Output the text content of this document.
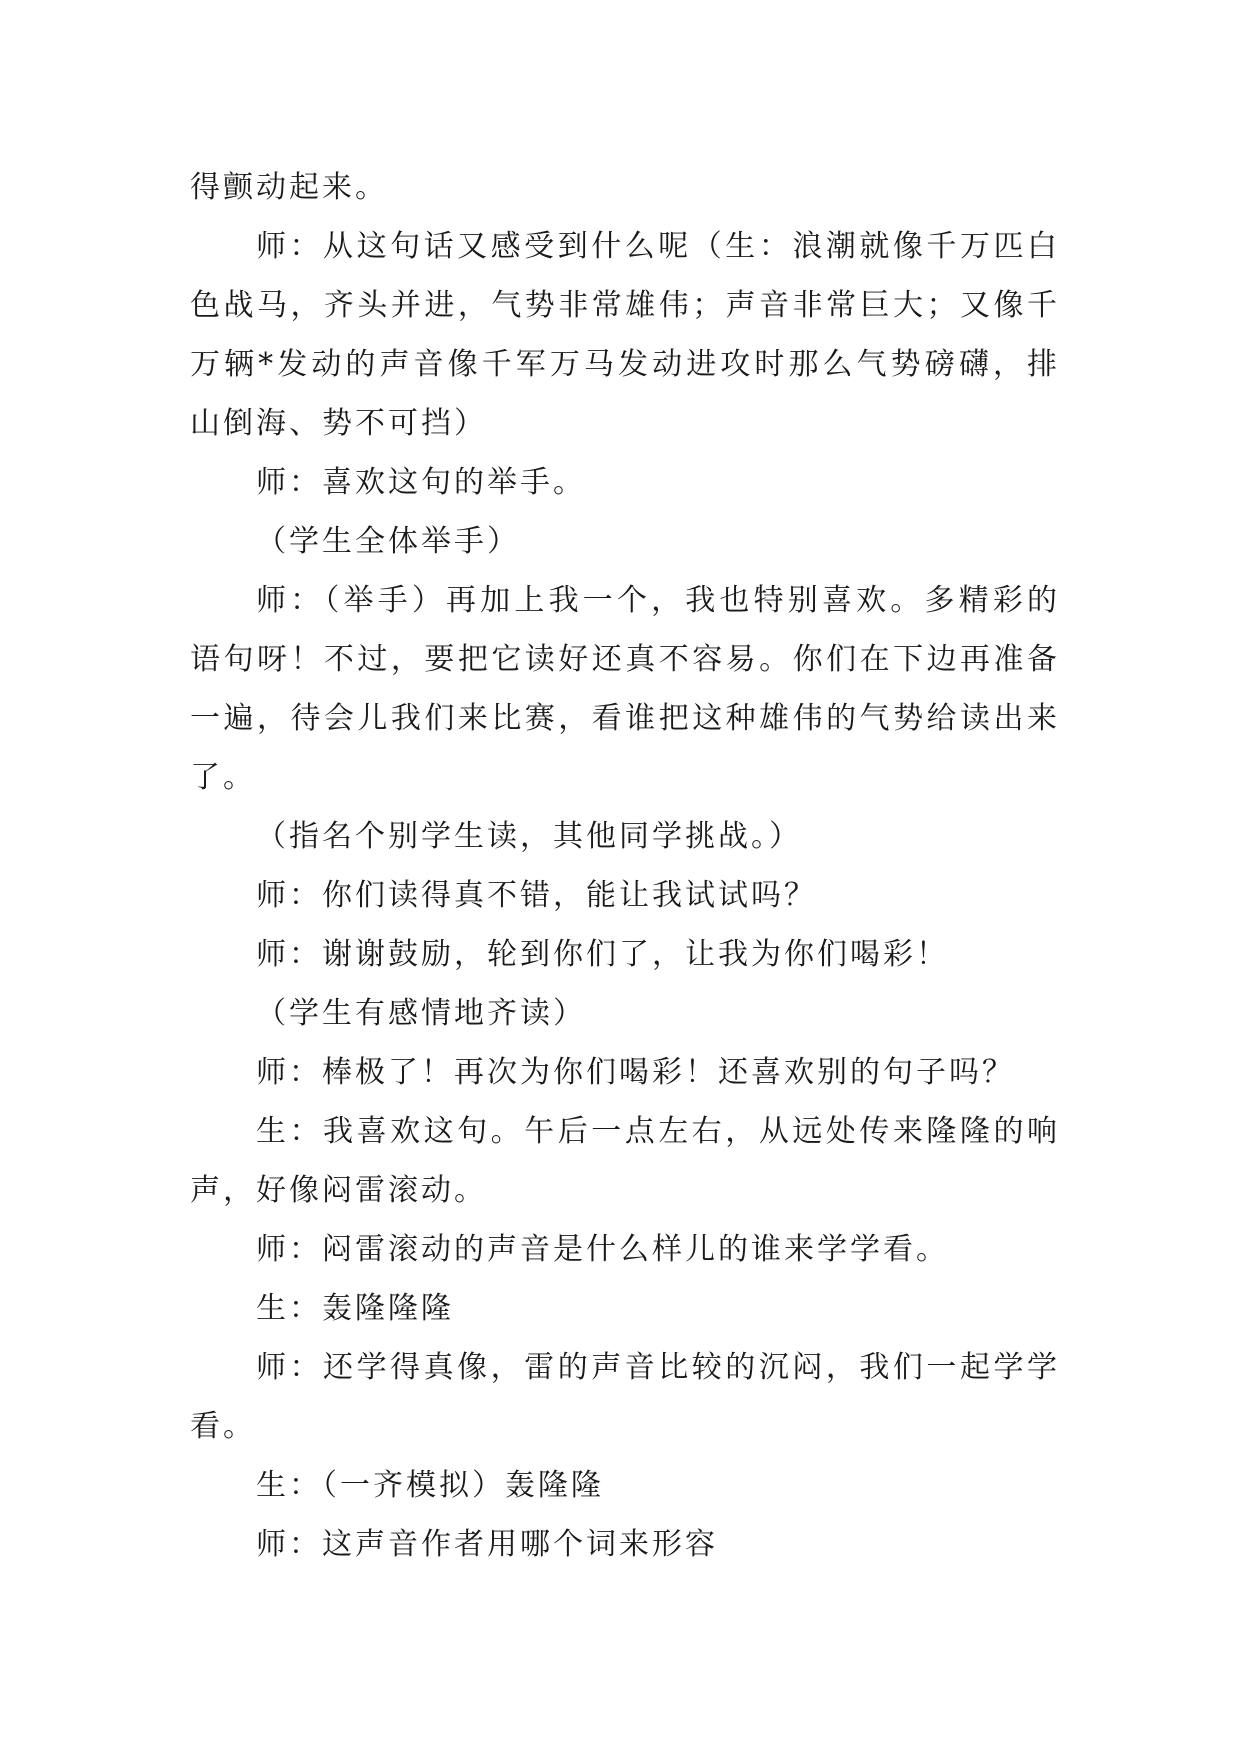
得颤动起来。

师：从这句话又感受到什么呢（生：浪潮就像千万匹白色战马，齐头并进，气势非常雄伟；声音非常巨大；又像千万辆*发动的声音像千军万马发动进攻时那么气势磅礴，排山倒海、势不可挡）

师：喜欢这句的举手。

（学生全体举手）

师：（举手）再加上我一个，我也特别喜欢。多精彩的语句呀！不过，要把它读好还真不容易。你们在下边再准备一遍，待会儿我们来比赛，看谁把这种雄伟的气势给读出来了。

（指名个别学生读，其他同学挑战。）

师：你们读得真不错，能让我试试吗？

师：谢谢鼓励，轮到你们了，让我为你们喝彩！

（学生有感情地齐读）

师：棒极了！再次为你们喝彩！还喜欢别的句子吗？

生：我喜欢这句。午后一点左右，从远处传来隆隆的响声，好像闷雷滚动。

师：闷雷滚动的声音是什么样儿的谁来学学看。

生：轰隆隆隆

师：还学得真像，雷的声音比较的沉闷，我们一起学学看。

生：（一齐模拟）轰隆隆

师：这声音作者用哪个词来形容
